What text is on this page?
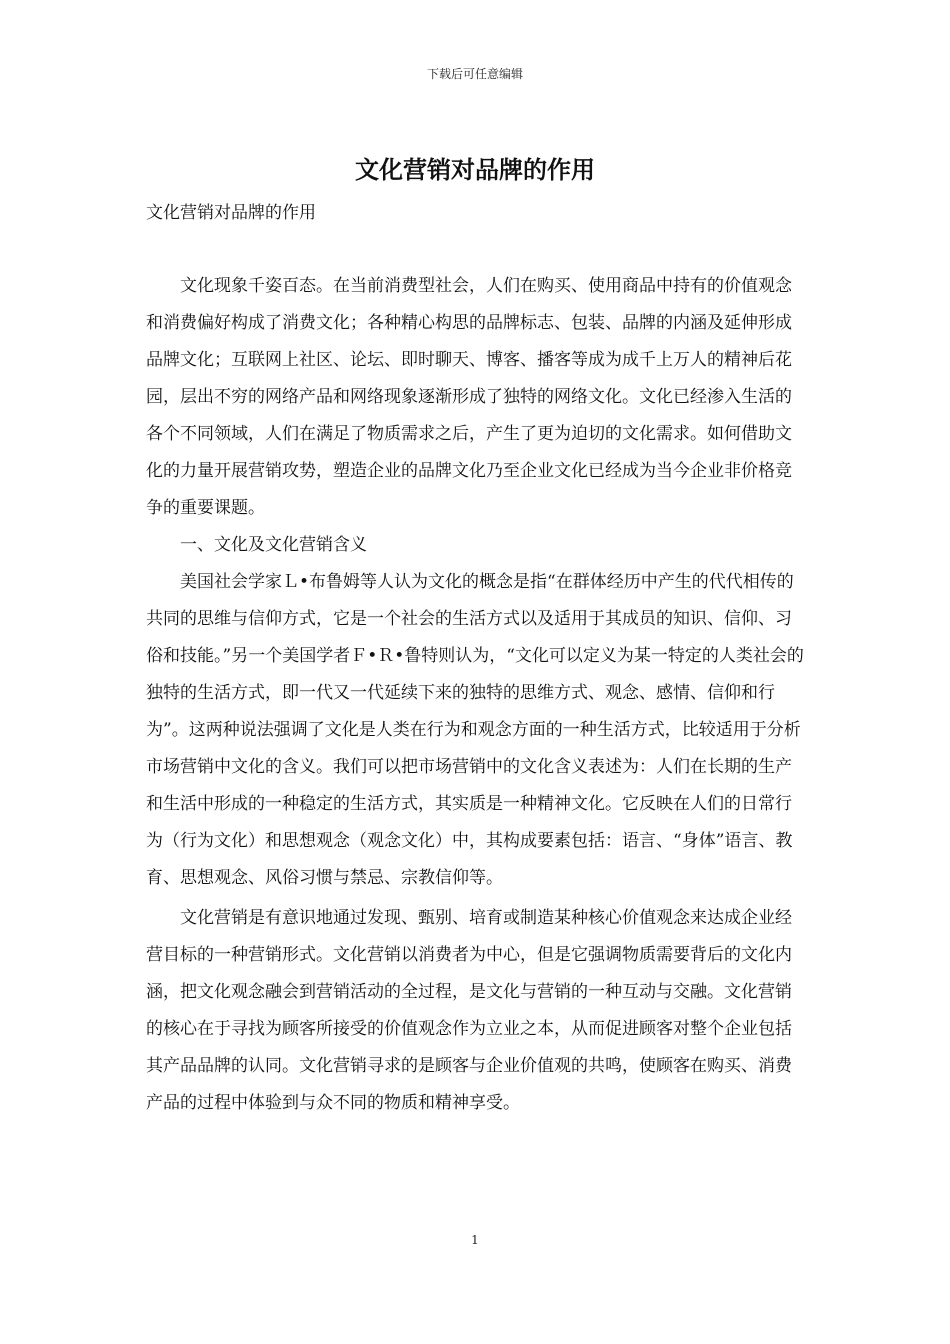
下载后可任意编辑
文化营销对品牌的作用
文化营销对品牌的作用

文化现象千姿百态。在当前消费型社会，人们在购买、使用商品中持有的价值观念和消费偏好构成了消费文化；各种精心构思的品牌标志、包装、品牌的内涵及延伸形成品牌文化；互联网上社区、论坛、即时聊天、博客、播客等成为成千上万人的精神后花园，层出不穷的网络产品和网络现象逐渐形成了独特的网络文化。文化已经渗入生活的各个不同领域，人们在满足了物质需求之后，产生了更为迫切的文化需求。如何借助文化的力量开展营销攻势，塑造企业的品牌文化乃至企业文化已经成为当今企业非价格竞争的重要课题。

一、文化及文化营销含义

美国社会学家Ｌ•布鲁姆等人认为文化的概念是指“在群体经历中产生的代代相传的共同的思维与信仰方式，它是一个社会的生活方式以及适用于其成员的知识、信仰、习俗和技能。”另一个美国学者Ｆ•Ｒ•鲁特则认为，“文化可以定义为某一特定的人类社会的独特的生活方式，即一代又一代延续下来的独特的思维方式、观念、感情、信仰和行为”。这两种说法强调了文化是人类在行为和观念方面的一种生活方式，比较适用于分析市场营销中文化的含义。我们可以把市场营销中的文化含义表述为：人们在长期的生产和生活中形成的一种稳定的生活方式，其实质是一种精神文化。它反映在人们的日常行为（行为文化）和思想观念（观念文化）中，其构成要素包括：语言、“身体”语言、教育、思想观念、风俗习惯与禁忌、宗教信仰等。

文化营销是有意识地通过发现、甄别、培育或制造某种核心价值观念来达成企业经营目标的一种营销形式。文化营销以消费者为中心，但是它强调物质需要背后的文化内涵，把文化观念融会到营销活动的全过程，是文化与营销的一种互动与交融。文化营销的核心在于寻找为顾客所接受的价值观念作为立业之本，从而促进顾客对整个企业包括其产品品牌的认同。文化营销寻求的是顾客与企业价值观的共鸣，使顾客在购买、消费产品的过程中体验到与众不同的物质和精神享受。

1
